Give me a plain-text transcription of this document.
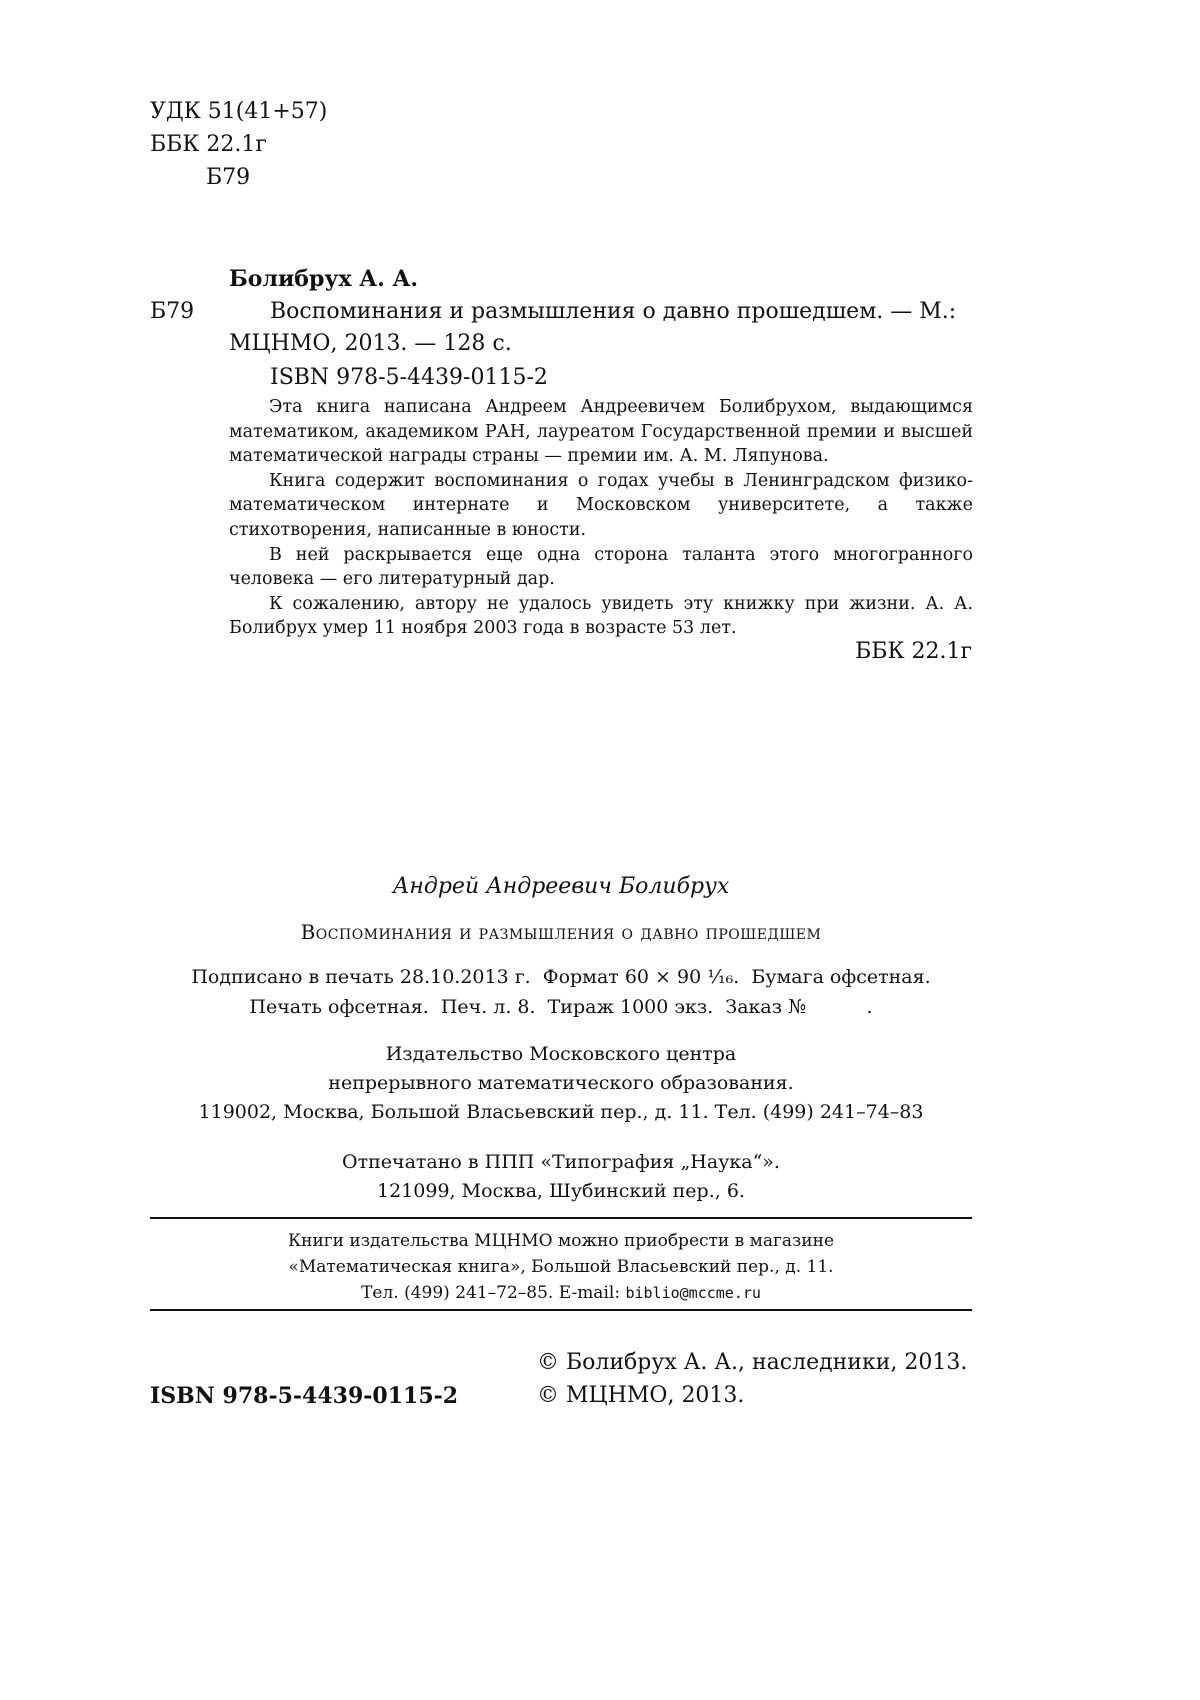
УДК 51(41+57)
ББК 22.1г
Б79
Болибрух А. А.
Б79	Воспоминания и размышления о давно прошедшем. — М.:
МЦНМО, 2013. — 128 с.
ISBN 978-5-4439-0115-2

Эта книга написана Андреем Андреевичем Болибрухом, выдающимся математиком, академиком РАН, лауреатом Государственной премии и высшей математической награды страны — премии им. А. М. Ляпунова.

Книга содержит воспоминания о годах учебы в Ленинградском физико-математическом интернате и Московском университете, а также стихотворения, написанные в юности.

В ней раскрывается еще одна сторона таланта этого многогранного человека — его литературный дар.

К сожалению, автору не удалось увидеть эту книжку при жизни. А. А. Болибрух умер 11 ноября 2003 года в возрасте 53 лет.

ББК 22.1г
Андрей Андреевич Болибрух
Воспоминания и размышления о давно прошедшем
Подписано в печать 28.10.2013 г.  Формат 60 × 90 ⅟₁₆.  Бумага офсетная.
Печать офсетная.  Печ. л. 8.  Тираж 1000 экз.  Заказ №          .
Издательство Московского центра
непрерывного математического образования.
119002, Москва, Большой Власьевский пер., д. 11. Тел. (499) 241–74–83
Отпечатано в ППП «Типография „Наука“».
121099, Москва, Шубинский пер., 6.
Книги издательства МЦНМО можно приобрести в магазине
«Математическая книга», Большой Власьевский пер., д. 11.
Тел. (499) 241–72–85. E-mail: biblio@mccme.ru
ISBN 978-5-4439-0115-2
© Болибрух А. А., наследники, 2013.
© МЦНМО, 2013.
